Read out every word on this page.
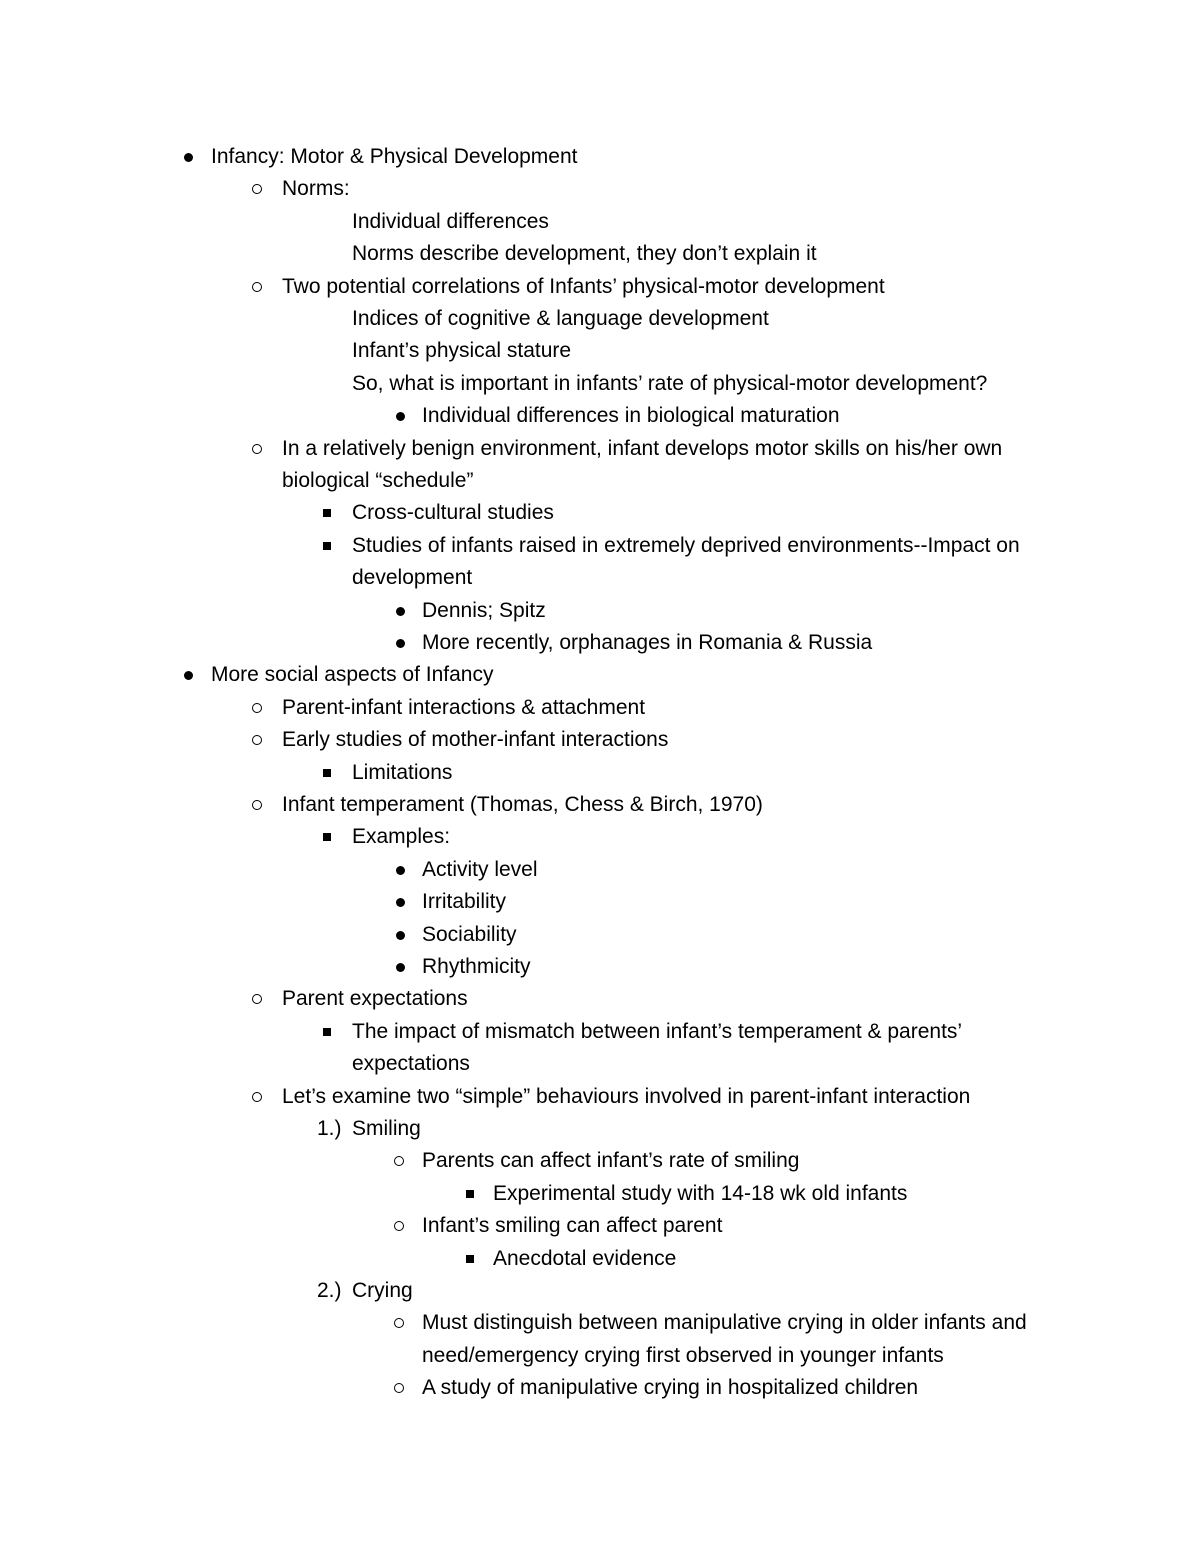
Infancy: Motor & Physical Development
Norms:
Individual differences
Norms describe development, they don’t explain it
Two potential correlations of Infants’ physical-motor development
Indices of cognitive & language development
Infant’s physical stature
So, what is important in infants’ rate of physical-motor development?
Individual differences in biological maturation
In a relatively benign environment, infant develops motor skills on his/her own
biological “schedule”
Cross-cultural studies
Studies of infants raised in extremely deprived environments--Impact on
development
Dennis; Spitz
More recently, orphanages in Romania & Russia
More social aspects of Infancy
Parent-infant interactions & attachment
Early studies of mother-infant interactions
Limitations
Infant temperament (Thomas, Chess & Birch, 1970)
Examples:
Activity level
Irritability
Sociability
Rhythmicity
Parent expectations
The impact of mismatch between infant’s temperament & parents’
expectations
Let’s examine two “simple” behaviours involved in parent-infant interaction
1.) Smiling
Parents can affect infant’s rate of smiling
Experimental study with 14-18 wk old infants
Infant’s smiling can affect parent
Anecdotal evidence
2.) Crying
Must distinguish between manipulative crying in older infants and
need/emergency crying first observed in younger infants
A study of manipulative crying in hospitalized children
